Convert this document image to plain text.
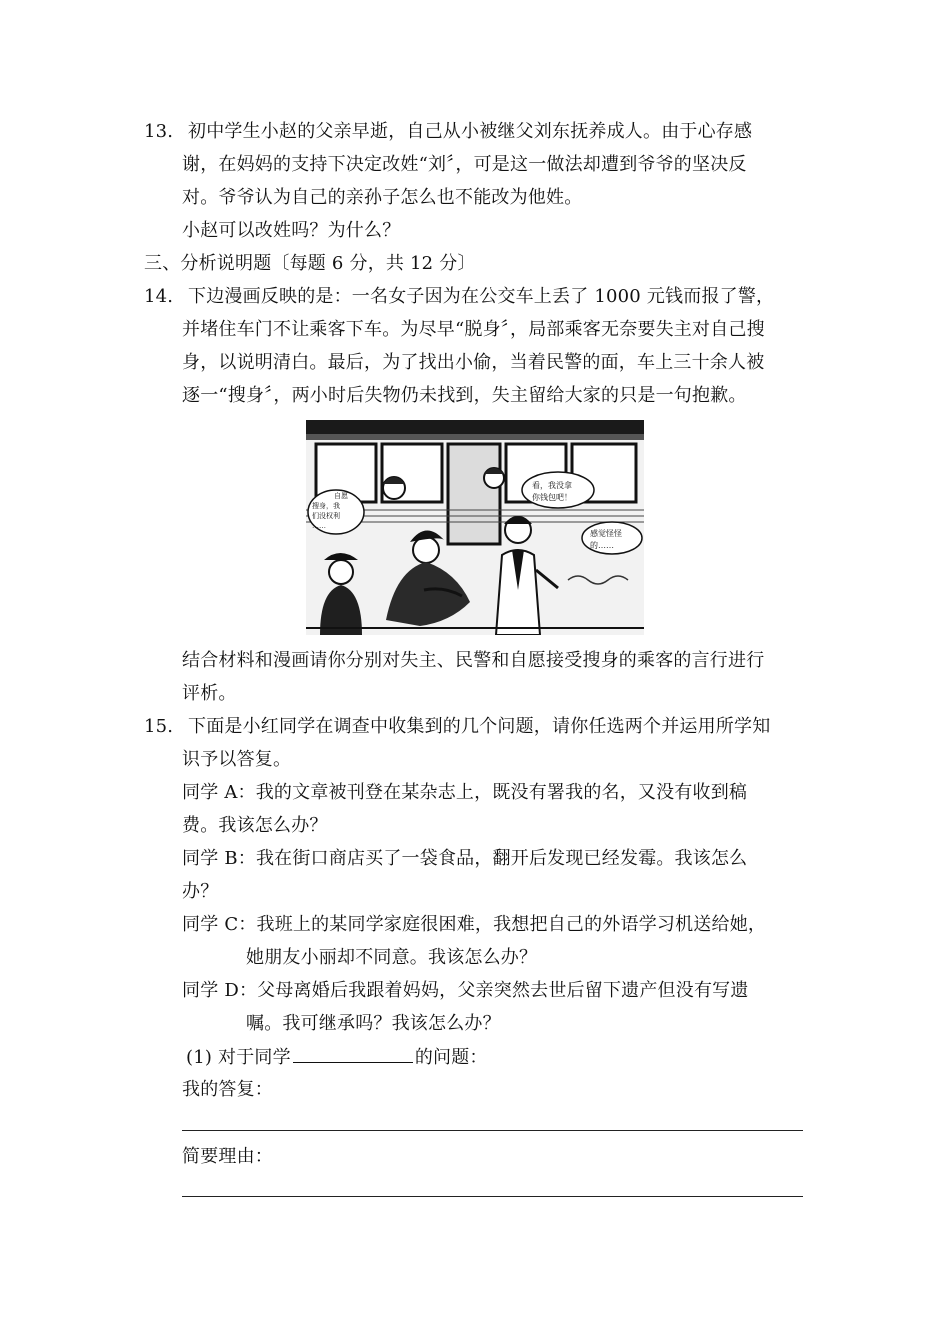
13. 初中学生小赵的父亲早逝，自己从小被继父刘东抚养成人。由于心存感
谢，在妈妈的支持下决定改姓“刘〞，可是这一做法却遭到爷爷的坚决反
对。爷爷认为自己的亲孙子怎么也不能改为他姓。
小赵可以改姓吗？为什么？
三、分析说明题〔每题 6 分，共 12 分〕
14. 下边漫画反映的是：一名女子因为在公交车上丢了 1000 元钱而报了警，
并堵住车门不让乘客下车。为尽早“脱身〞，局部乘客无奈要失主对自己搜
身，以说明清白。最后，为了找出小偷，当着民警的面，车上三十余人被
逐一“搜身〞，两小时后失物仍未找到，失主留给大家的只是一句抱歉。
自愿
搜身，我
们没权利
……
看，我没拿
你钱包吧！
感觉怪怪
的……
结合材料和漫画请你分别对失主、民警和自愿接受搜身的乘客的言行进行
评析。
15. 下面是小红同学在调查中收集到的几个问题，请你任选两个并运用所学知
识予以答复。
同学 A：我的文章被刊登在某杂志上，既没有署我的名，又没有收到稿
费。我该怎么办？
同学 B：我在街口商店买了一袋食品，翻开后发现已经发霉。我该怎么
办？
同学 C：我班上的某同学家庭很困难，我想把自己的外语学习机送给她，
她朋友小丽却不同意。我该怎么办？
同学 D：父母离婚后我跟着妈妈，父亲突然去世后留下遗产但没有写遗
嘱。我可继承吗？我该怎么办？
(1) 对于同学	的问题：
我的答复：
简要理由：
